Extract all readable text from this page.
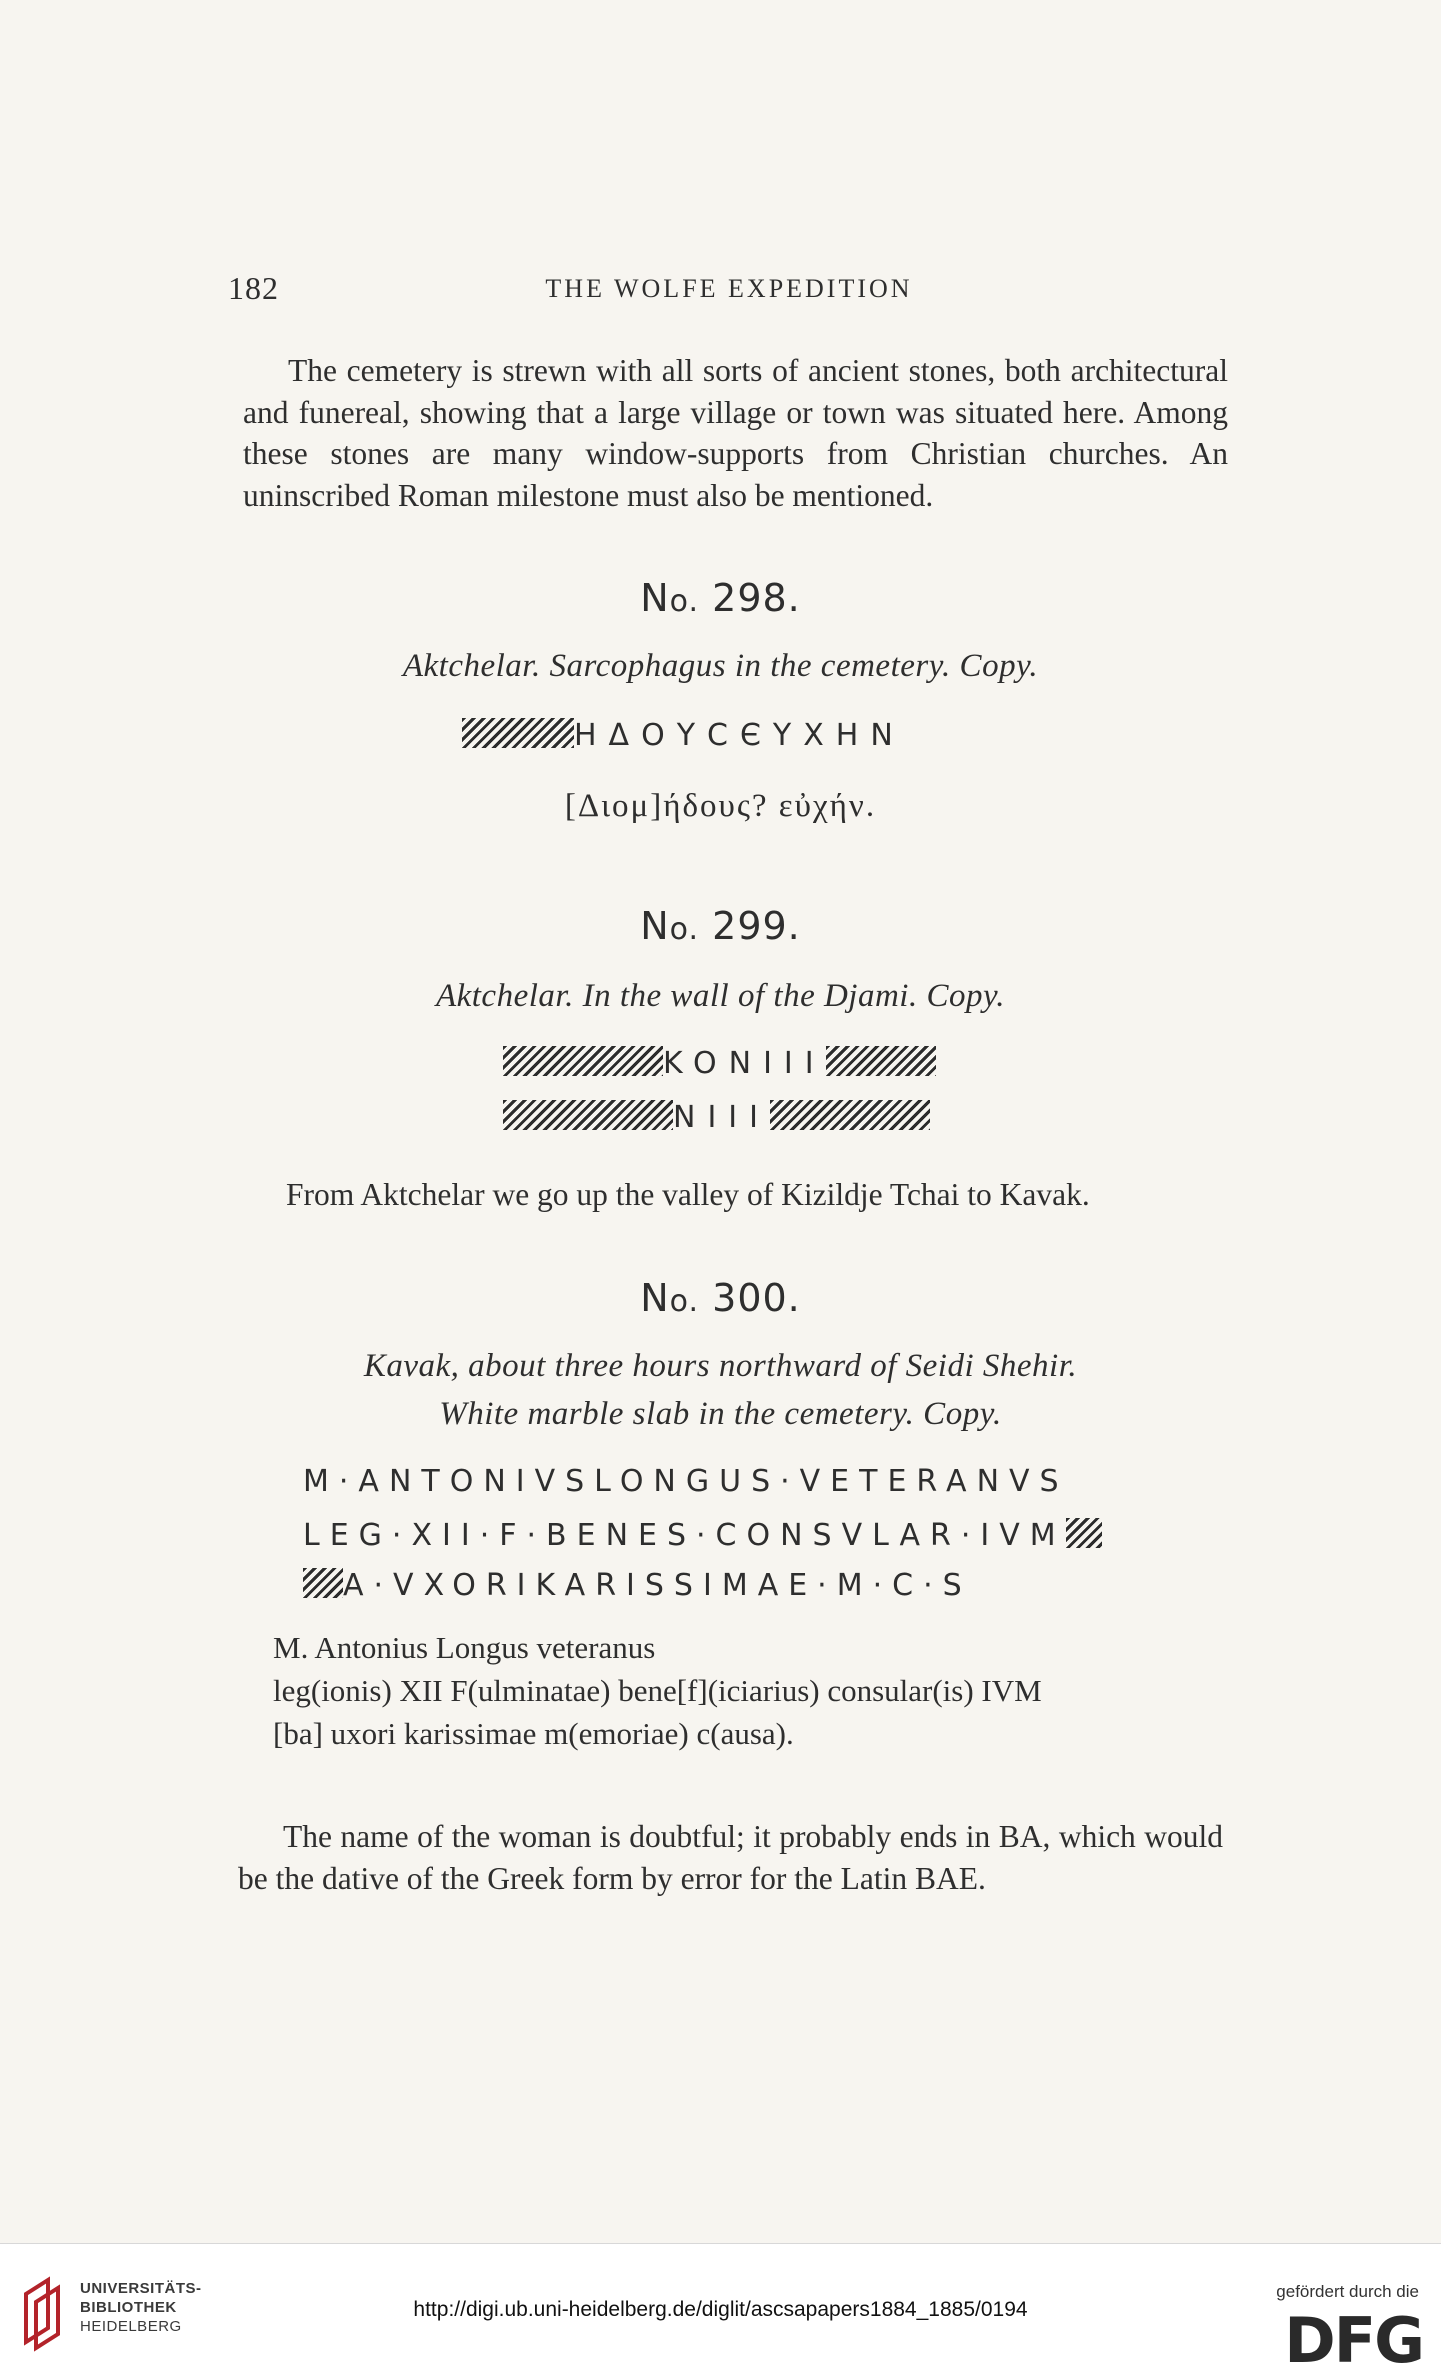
182	THE WOLFE EXPEDITION

The cemetery is strewn with all sorts of ancient stones, both architectural and funereal, showing that a large village or town was situated here. Among these stones are many window-supports from Christian churches. An uninscribed Roman milestone must also be mentioned.

No. 298.
Aktchelar. Sarcophagus in the cemetery. Copy.
HΔΟΥϹЄΥΧΗΝ
[Διομ]ήδους? εὐχήν.
No. 299.
Aktchelar. In the wall of the Djami. Copy.
KONIII
NIII

From Aktchelar we go up the valley of Kizildje Tchai to Kavak.

No. 300.
Kavak, about three hours northward of Seidi Shehir.
White marble slab in the cemetery. Copy.
M·ANTONIVSLONGUS·VETERANVS
LEG·XII·F·BENES·CONSVLAR·IVM
A·VXORIKARISSIMAE·M·C·S
M. Antonius Longus veteranus
leg(ionis) XII F(ulminatae) bene[f](iciarius) consular(is) IVM
[ba] uxori karissimae m(emoriae) c(ausa).

The name of the woman is doubtful; it probably ends in BA, which would be the dative of the Greek form by error for the Latin BAE.

UNIVERSITÄTS-
BIBLIOTHEK
HEIDELBERG
http://digi.ub.uni-heidelberg.de/diglit/ascsapapers1884_1885/0194
gefördert durch die
DFG
